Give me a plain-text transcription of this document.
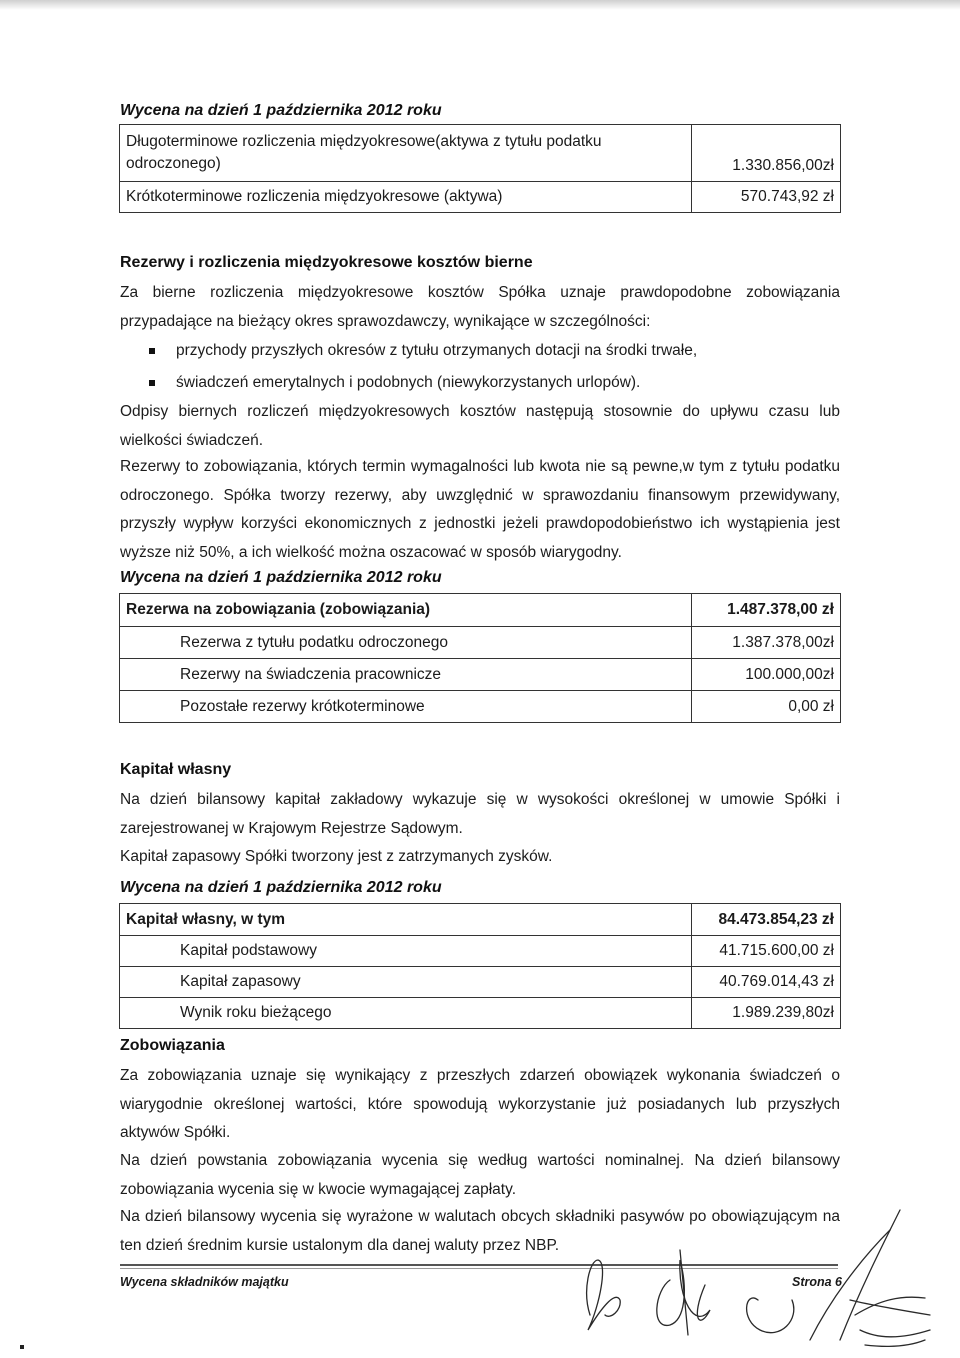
Wycena na dzień 1 października 2012 roku
Długoterminowe rozliczenia międzyokresowe(aktywa z tytułu podatku odroczonego)	1.330.856,00zł
Krótkoterminowe rozliczenia międzyokresowe (aktywa)	570.743,92 zł
Rezerwy i rozliczenia międzyokresowe kosztów bierne
Za bierne rozliczenia międzyokresowe kosztów Spółka uznaje prawdopodobne zobowiązania przypadające na bieżący okres sprawozdawczy, wynikające w szczególności:
przychody przyszłych okresów z tytułu otrzymanych dotacji na środki trwałe,
świadczeń emerytalnych i podobnych (niewykorzystanych urlopów).
Odpisy biernych rozliczeń międzyokresowych kosztów następują stosownie do upływu czasu lub wielkości świadczeń.
Rezerwy to zobowiązania, których termin wymagalności lub kwota nie są pewne,w tym z tytułu podatku odroczonego. Spółka tworzy rezerwy, aby uwzględnić w sprawozdaniu finansowym przewidywany, przyszły wypływ korzyści ekonomicznych z jednostki jeżeli prawdopodobieństwo ich wystąpienia jest wyższe niż 50%, a ich wielkość można oszacować w sposób wiarygodny.
Wycena na dzień 1 października 2012 roku
Rezerwa na zobowiązania (zobowiązania)	1.487.378,00 zł
Rezerwa z tytułu podatku odroczonego	1.387.378,00zł
Rezerwy na świadczenia pracownicze	100.000,00zł
Pozostałe rezerwy krótkoterminowe	0,00 zł
Kapitał własny
Na dzień bilansowy kapitał zakładowy wykazuje się w wysokości określonej w umowie Spółki i zarejestrowanej w Krajowym Rejestrze Sądowym.
Kapitał zapasowy Spółki tworzony jest z zatrzymanych zysków.
Wycena na dzień 1 października 2012 roku
Kapitał własny, w tym	84.473.854,23 zł
Kapitał podstawowy	41.715.600,00 zł
Kapitał zapasowy	40.769.014,43 zł
Wynik roku bieżącego	1.989.239,80zł
Zobowiązania
Za zobowiązania uznaje się wynikający z przeszłych zdarzeń obowiązek wykonania świadczeń o wiarygodnie określonej wartości, które spowodują wykorzystanie już posiadanych lub przyszłych aktywów Spółki.
Na dzień powstania zobowiązania wycenia się według wartości nominalnej. Na dzień bilansowy zobowiązania wycenia się w kwocie wymagającej zapłaty.
Na dzień bilansowy wycenia się wyrażone w walutach obcych składniki pasywów po obowiązującym na ten dzień średnim kursie ustalonym dla danej waluty przez NBP.
Wycena składników majątku	Strona 6
